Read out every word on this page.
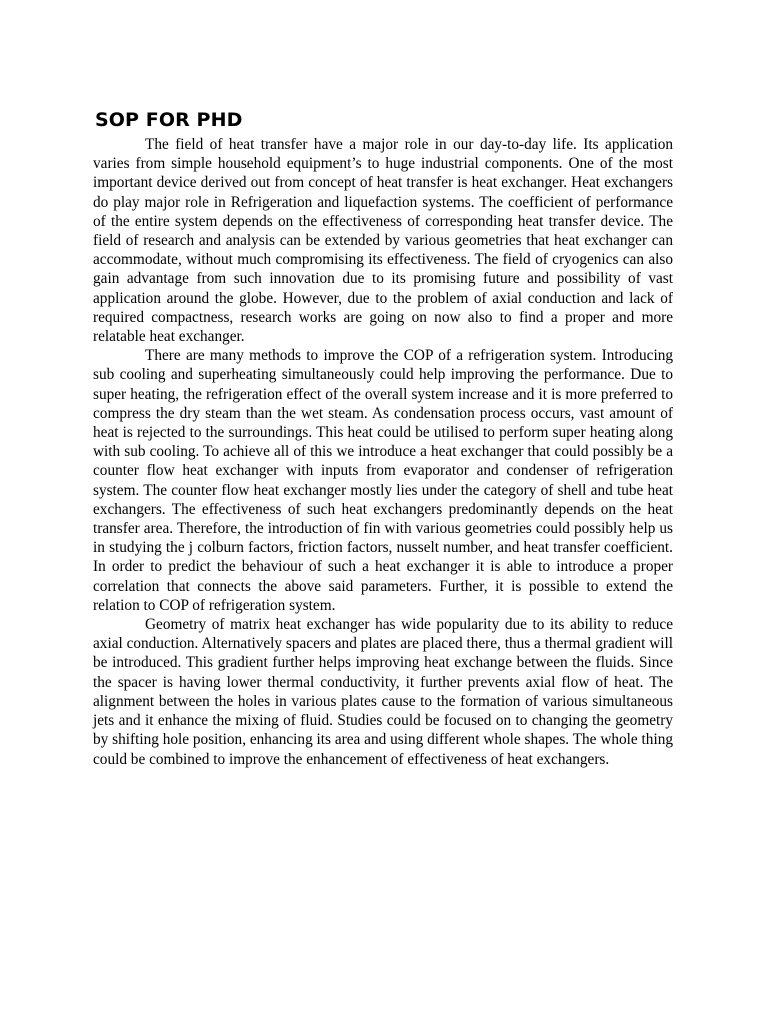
SOP FOR PHD

The field of heat transfer have a major role in our day-to-day life. Its application varies from simple household equipment’s to huge industrial components. One of the most important device derived out from concept of heat transfer is heat exchanger. Heat exchangers do play major role in Refrigeration and liquefaction systems. The coefficient of performance of the entire system depends on the effectiveness of corresponding heat transfer device. The field of research and analysis can be extended by various geometries that heat exchanger can accommodate, without much compromising its effectiveness. The field of cryogenics can also gain advantage from such innovation due to its promising future and possibility of vast application around the globe. However, due to the problem of axial conduction and lack of required compactness, research works are going on now also to find a proper and more relatable heat exchanger.

There are many methods to improve the COP of a refrigeration system. Introducing sub cooling and superheating simultaneously could help improving the performance. Due to super heating, the refrigeration effect of the overall system increase and it is more preferred to compress the dry steam than the wet steam. As condensation process occurs, vast amount of heat is rejected to the surroundings. This heat could be utilised to perform super heating along with sub cooling. To achieve all of this we introduce a heat exchanger that could possibly be a counter flow heat exchanger with inputs from evaporator and condenser of refrigeration system. The counter flow heat exchanger mostly lies under the category of shell and tube heat exchangers. The effectiveness of such heat exchangers predominantly depends on the heat transfer area. Therefore, the introduction of fin with various geometries could possibly help us in studying the j colburn factors, friction factors, nusselt number, and heat transfer coefficient. In order to predict the behaviour of such a heat exchanger it is able to introduce a proper correlation that connects the above said parameters. Further, it is possible to extend the relation to COP of refrigeration system.

Geometry of matrix heat exchanger has wide popularity due to its ability to reduce axial conduction. Alternatively spacers and plates are placed there, thus a thermal gradient will be introduced. This gradient further helps improving heat exchange between the fluids. Since the spacer is having lower thermal conductivity, it further prevents axial flow of heat. The alignment between the holes in various plates cause to the formation of various simultaneous jets and it enhance the mixing of fluid. Studies could be focused on to changing the geometry by shifting hole position, enhancing its area and using different whole shapes. The whole thing could be combined to improve the enhancement of effectiveness of heat exchangers.
